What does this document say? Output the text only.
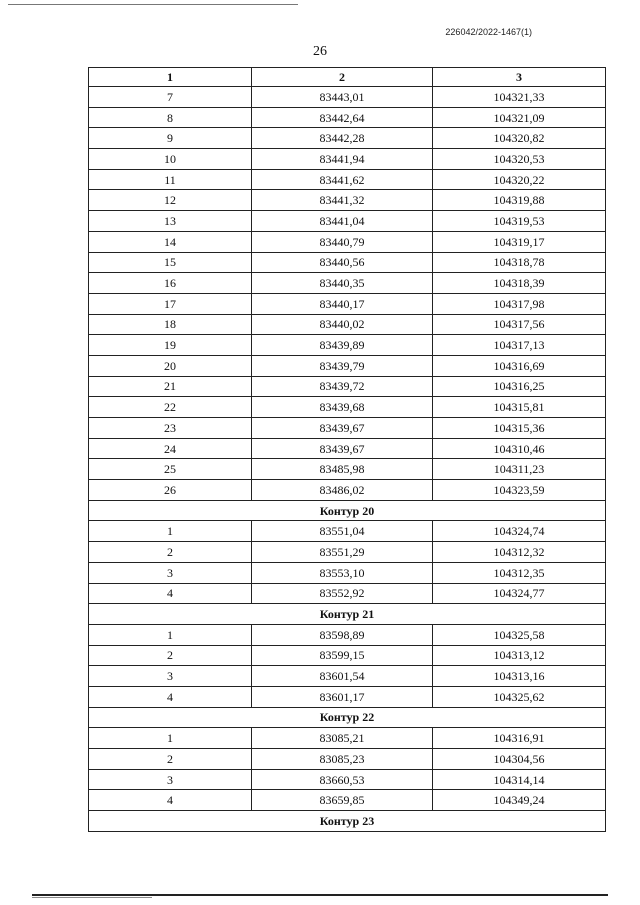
226042/2022-1467(1)
26
1	2	3
7	83443,01	104321,33
8	83442,64	104321,09
9	83442,28	104320,82
10	83441,94	104320,53
11	83441,62	104320,22
12	83441,32	104319,88
13	83441,04	104319,53
14	83440,79	104319,17
15	83440,56	104318,78
16	83440,35	104318,39
17	83440,17	104317,98
18	83440,02	104317,56
19	83439,89	104317,13
20	83439,79	104316,69
21	83439,72	104316,25
22	83439,68	104315,81
23	83439,67	104315,36
24	83439,67	104310,46
25	83485,98	104311,23
26	83486,02	104323,59
Контур 20		
1	83551,04	104324,74
2	83551,29	104312,32
3	83553,10	104312,35
4	83552,92	104324,77
Контур 21		
1	83598,89	104325,58
2	83599,15	104313,12
3	83601,54	104313,16
4	83601,17	104325,62
Контур 22		
1	83085,21	104316,91
2	83085,23	104304,56
3	83660,53	104314,14
4	83659,85	104349,24
Контур 23		
